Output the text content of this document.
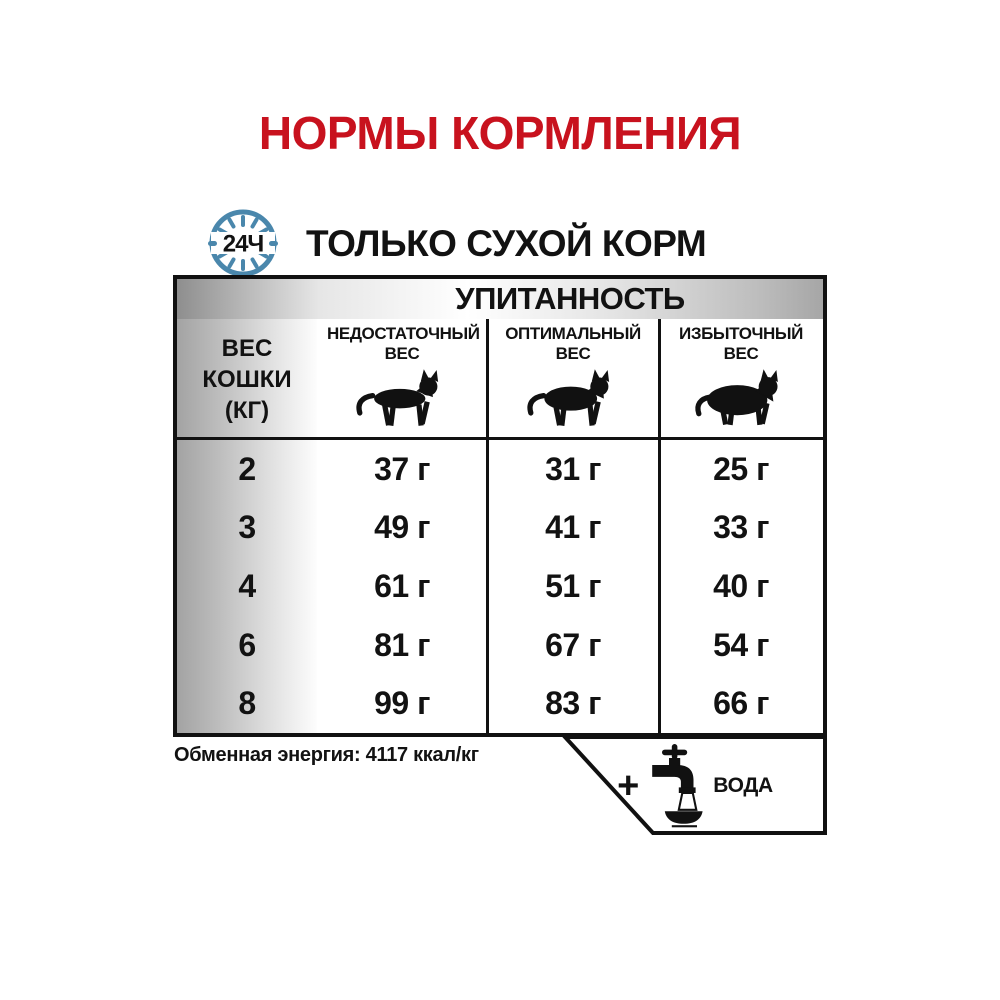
НОРМЫ КОРМЛЕНИЯ
24Ч ТОЛЬКО СУХОЙ КОРМ
УПИТАННОСТЬ
ВЕС КОШКИ (КГ)
НЕДОСТАТОЧНЫЙ ВЕС
ОПТИМАЛЬНЫЙ ВЕС
ИЗБЫТОЧНЫЙ ВЕС
2	37 г	31 г	25 г
3	49 г	41 г	33 г
4	61 г	51 г	40 г
6	81 г	67 г	54 г
8	99 г	83 г	66 г
Обменная энергия: 4117 ккал/кг
+	ВОДА
